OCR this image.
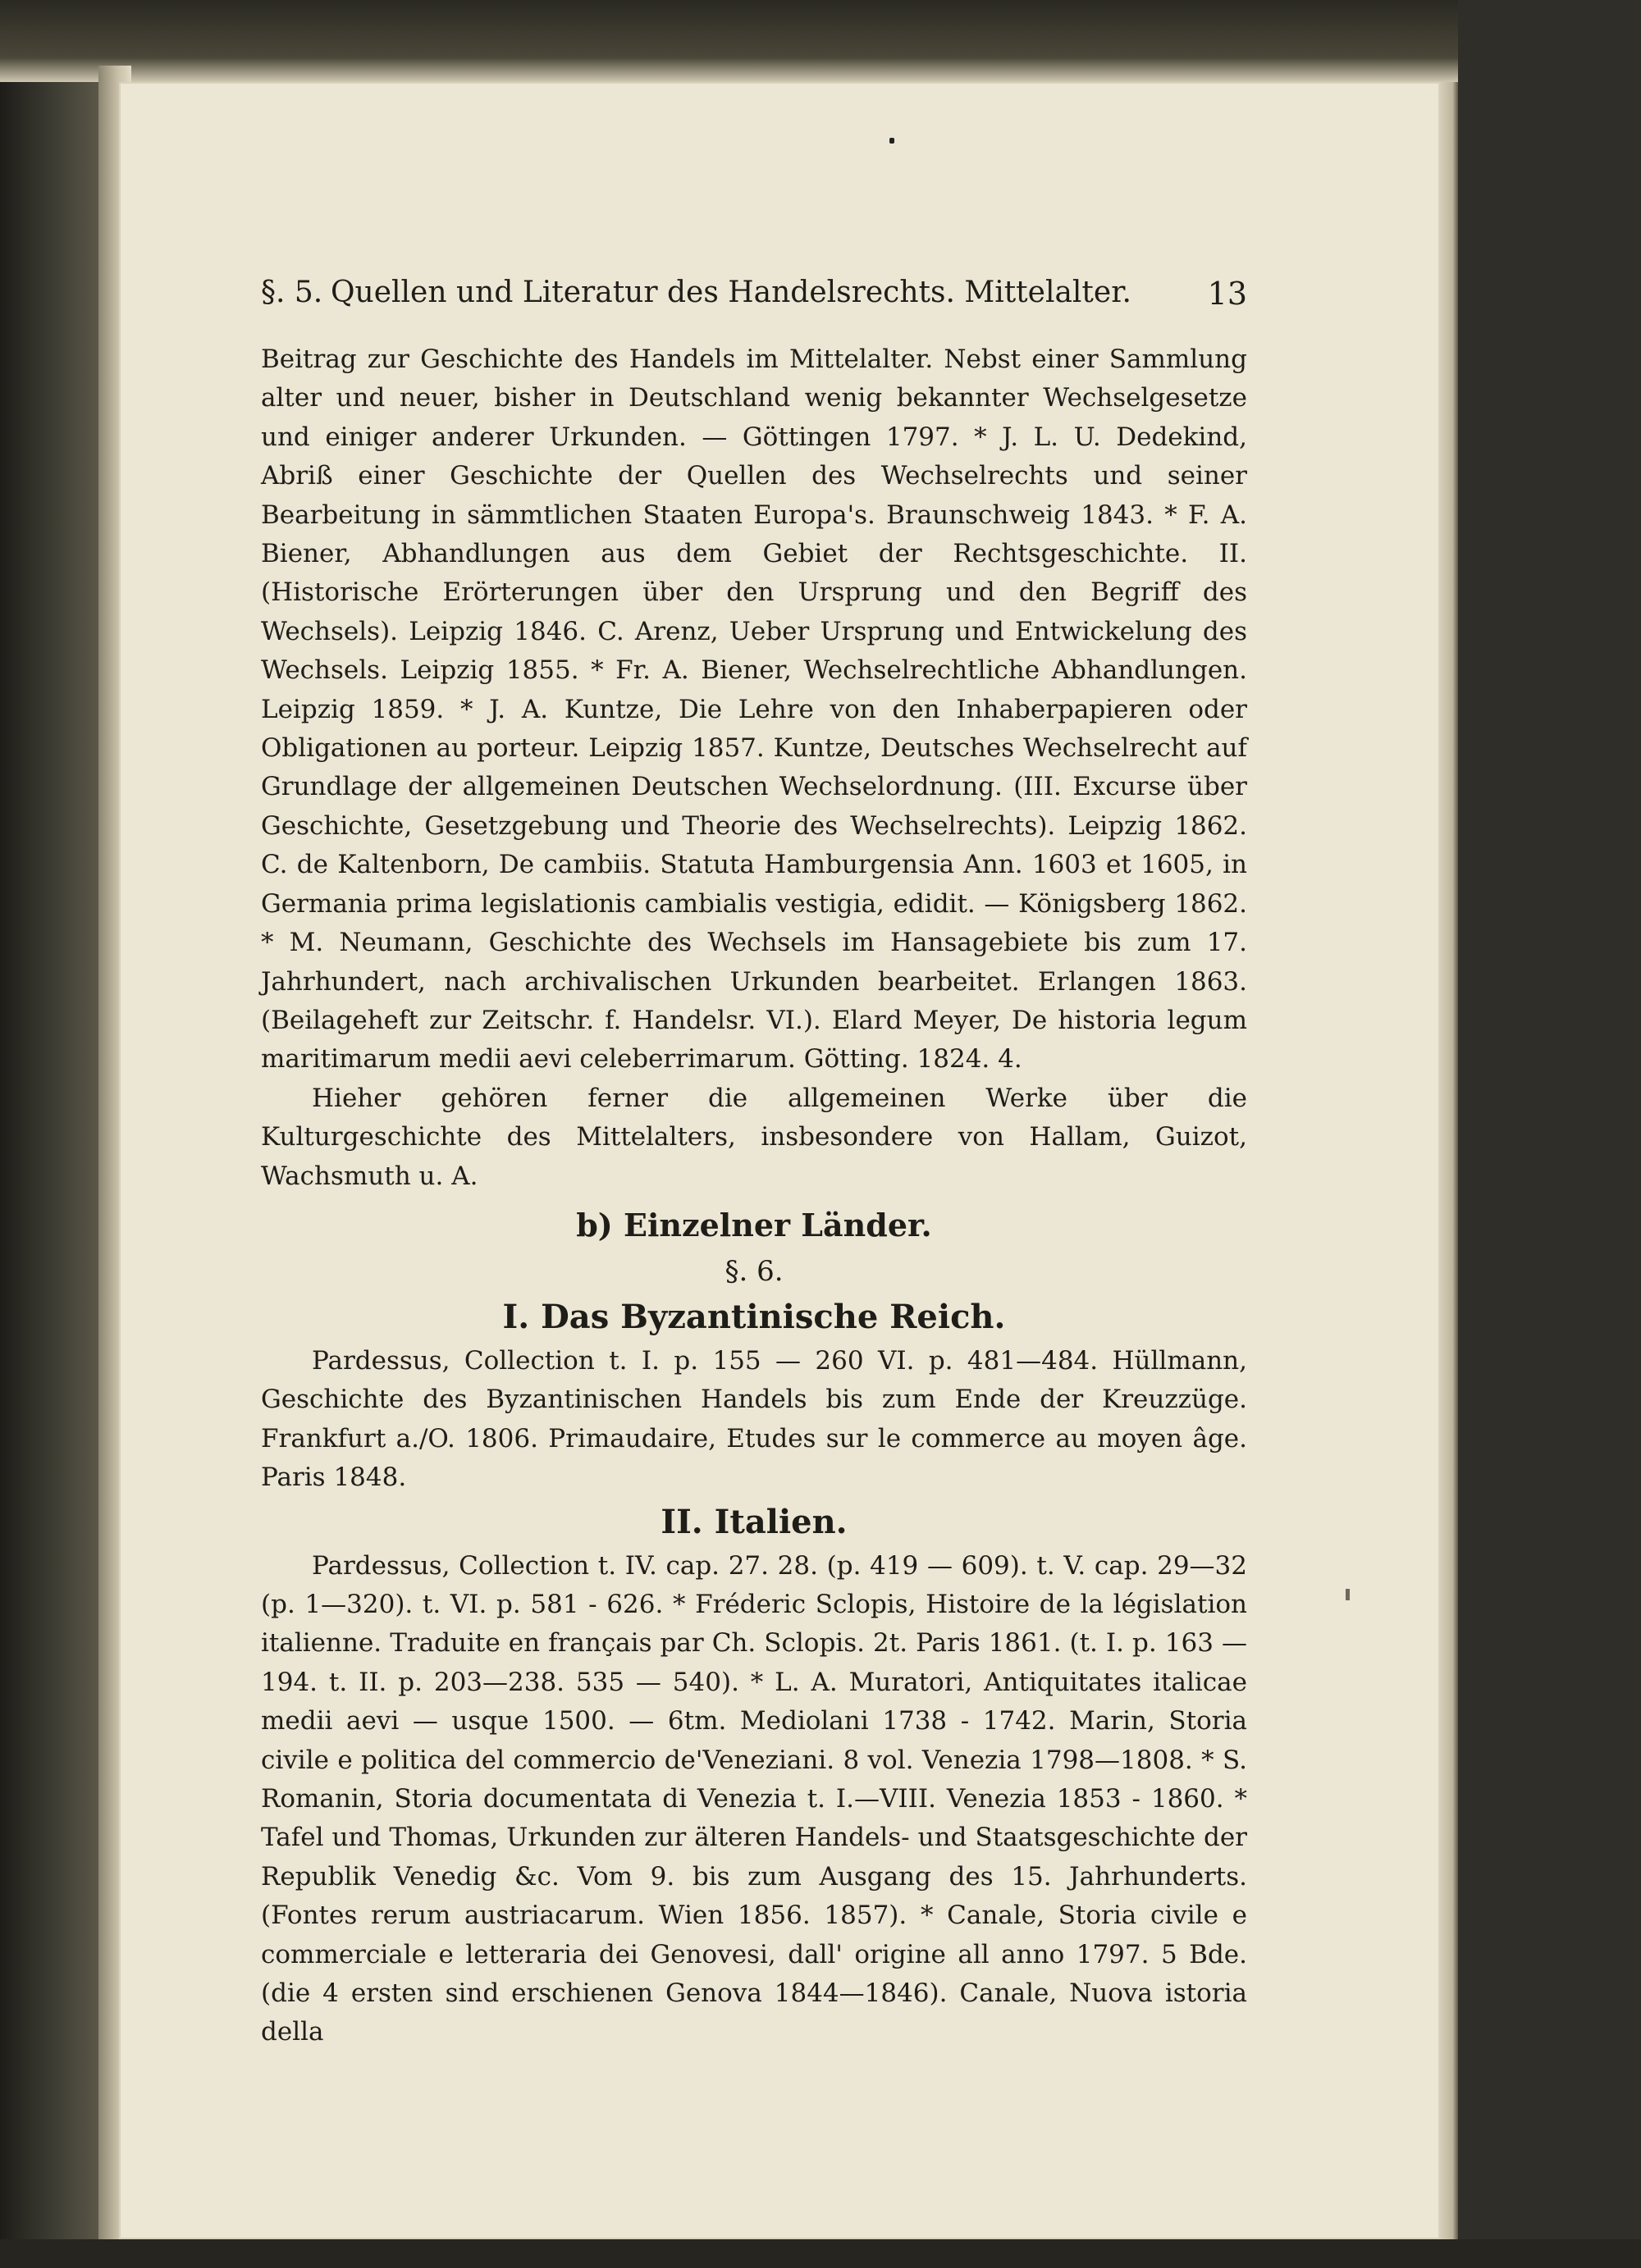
§. 5. Quellen und Literatur des Handelsrechts. Mittelalter. 13

Beitrag zur Geschichte des Handels im Mittelalter. Nebst einer Sammlung alter und neuer, bisher in Deutschland wenig bekannter Wechselgesetze und einiger anderer Urkunden. — Göttingen 1797. * J. L. U. Dedekind, Abriß einer Geschichte der Quellen des Wechselrechts und seiner Bearbeitung in sämmtlichen Staaten Europa's. Braunschweig 1843. * F. A. Biener, Abhandlungen aus dem Gebiet der Rechtsgeschichte. II. (Historische Erörterungen über den Ursprung und den Begriff des Wechsels). Leipzig 1846. C. Arenz, Ueber Ursprung und Entwickelung des Wechsels. Leipzig 1855. * Fr. A. Biener, Wechselrechtliche Abhandlungen. Leipzig 1859. * J. A. Kuntze, Die Lehre von den Inhaberpapieren oder Obligationen au porteur. Leipzig 1857. Kuntze, Deutsches Wechselrecht auf Grundlage der allgemeinen Deutschen Wechselordnung. (III. Excurse über Geschichte, Gesetzgebung und Theorie des Wechselrechts). Leipzig 1862. C. de Kaltenborn, De cambiis. Statuta Hamburgensia Ann. 1603 et 1605, in Germania prima legislationis cambialis vestigia, edidit. — Königsberg 1862. * M. Neumann, Geschichte des Wechsels im Hansagebiete bis zum 17. Jahrhundert, nach archivalischen Urkunden bearbeitet. Erlangen 1863. (Beilageheft zur Zeitschr. f. Handelsr. VI.). Elard Meyer, De historia legum maritimarum medii aevi celeberrimarum. Götting. 1824. 4.

Hieher gehören ferner die allgemeinen Werke über die Kulturgeschichte des Mittelalters, insbesondere von Hallam, Guizot, Wachsmuth u. A.

b) Einzelner Länder.
§. 6.
I. Das Byzantinische Reich.

Pardessus, Collection t. I. p. 155 — 260 VI. p. 481—484. Hüllmann, Geschichte des Byzantinischen Handels bis zum Ende der Kreuzzüge. Frankfurt a./O. 1806. Primaudaire, Etudes sur le commerce au moyen âge. Paris 1848.

II. Italien.

Pardessus, Collection t. IV. cap. 27. 28. (p. 419 — 609). t. V. cap. 29—32 (p. 1—320). t. VI. p. 581 - 626. * Fréderic Sclopis, Histoire de la législation italienne. Traduite en français par Ch. Sclopis. 2t. Paris 1861. (t. I. p. 163 — 194. t. II. p. 203—238. 535 — 540). * L. A. Muratori, Antiquitates italicae medii aevi — usque 1500. — 6tm. Mediolani 1738 - 1742. Marin, Storia civile e politica del commercio de'Veneziani. 8 vol. Venezia 1798—1808. * S. Romanin, Storia documentata di Venezia t. I.—VIII. Venezia 1853 - 1860. * Tafel und Thomas, Urkunden zur älteren Handels- und Staatsgeschichte der Republik Venedig &c. Vom 9. bis zum Ausgang des 15. Jahrhunderts. (Fontes rerum austriacarum. Wien 1856. 1857). * Canale, Storia civile e commerciale e letteraria dei Genovesi, dall' origine all anno 1797. 5 Bde. (die 4 ersten sind erschienen Genova 1844—1846). Canale, Nuova istoria della
